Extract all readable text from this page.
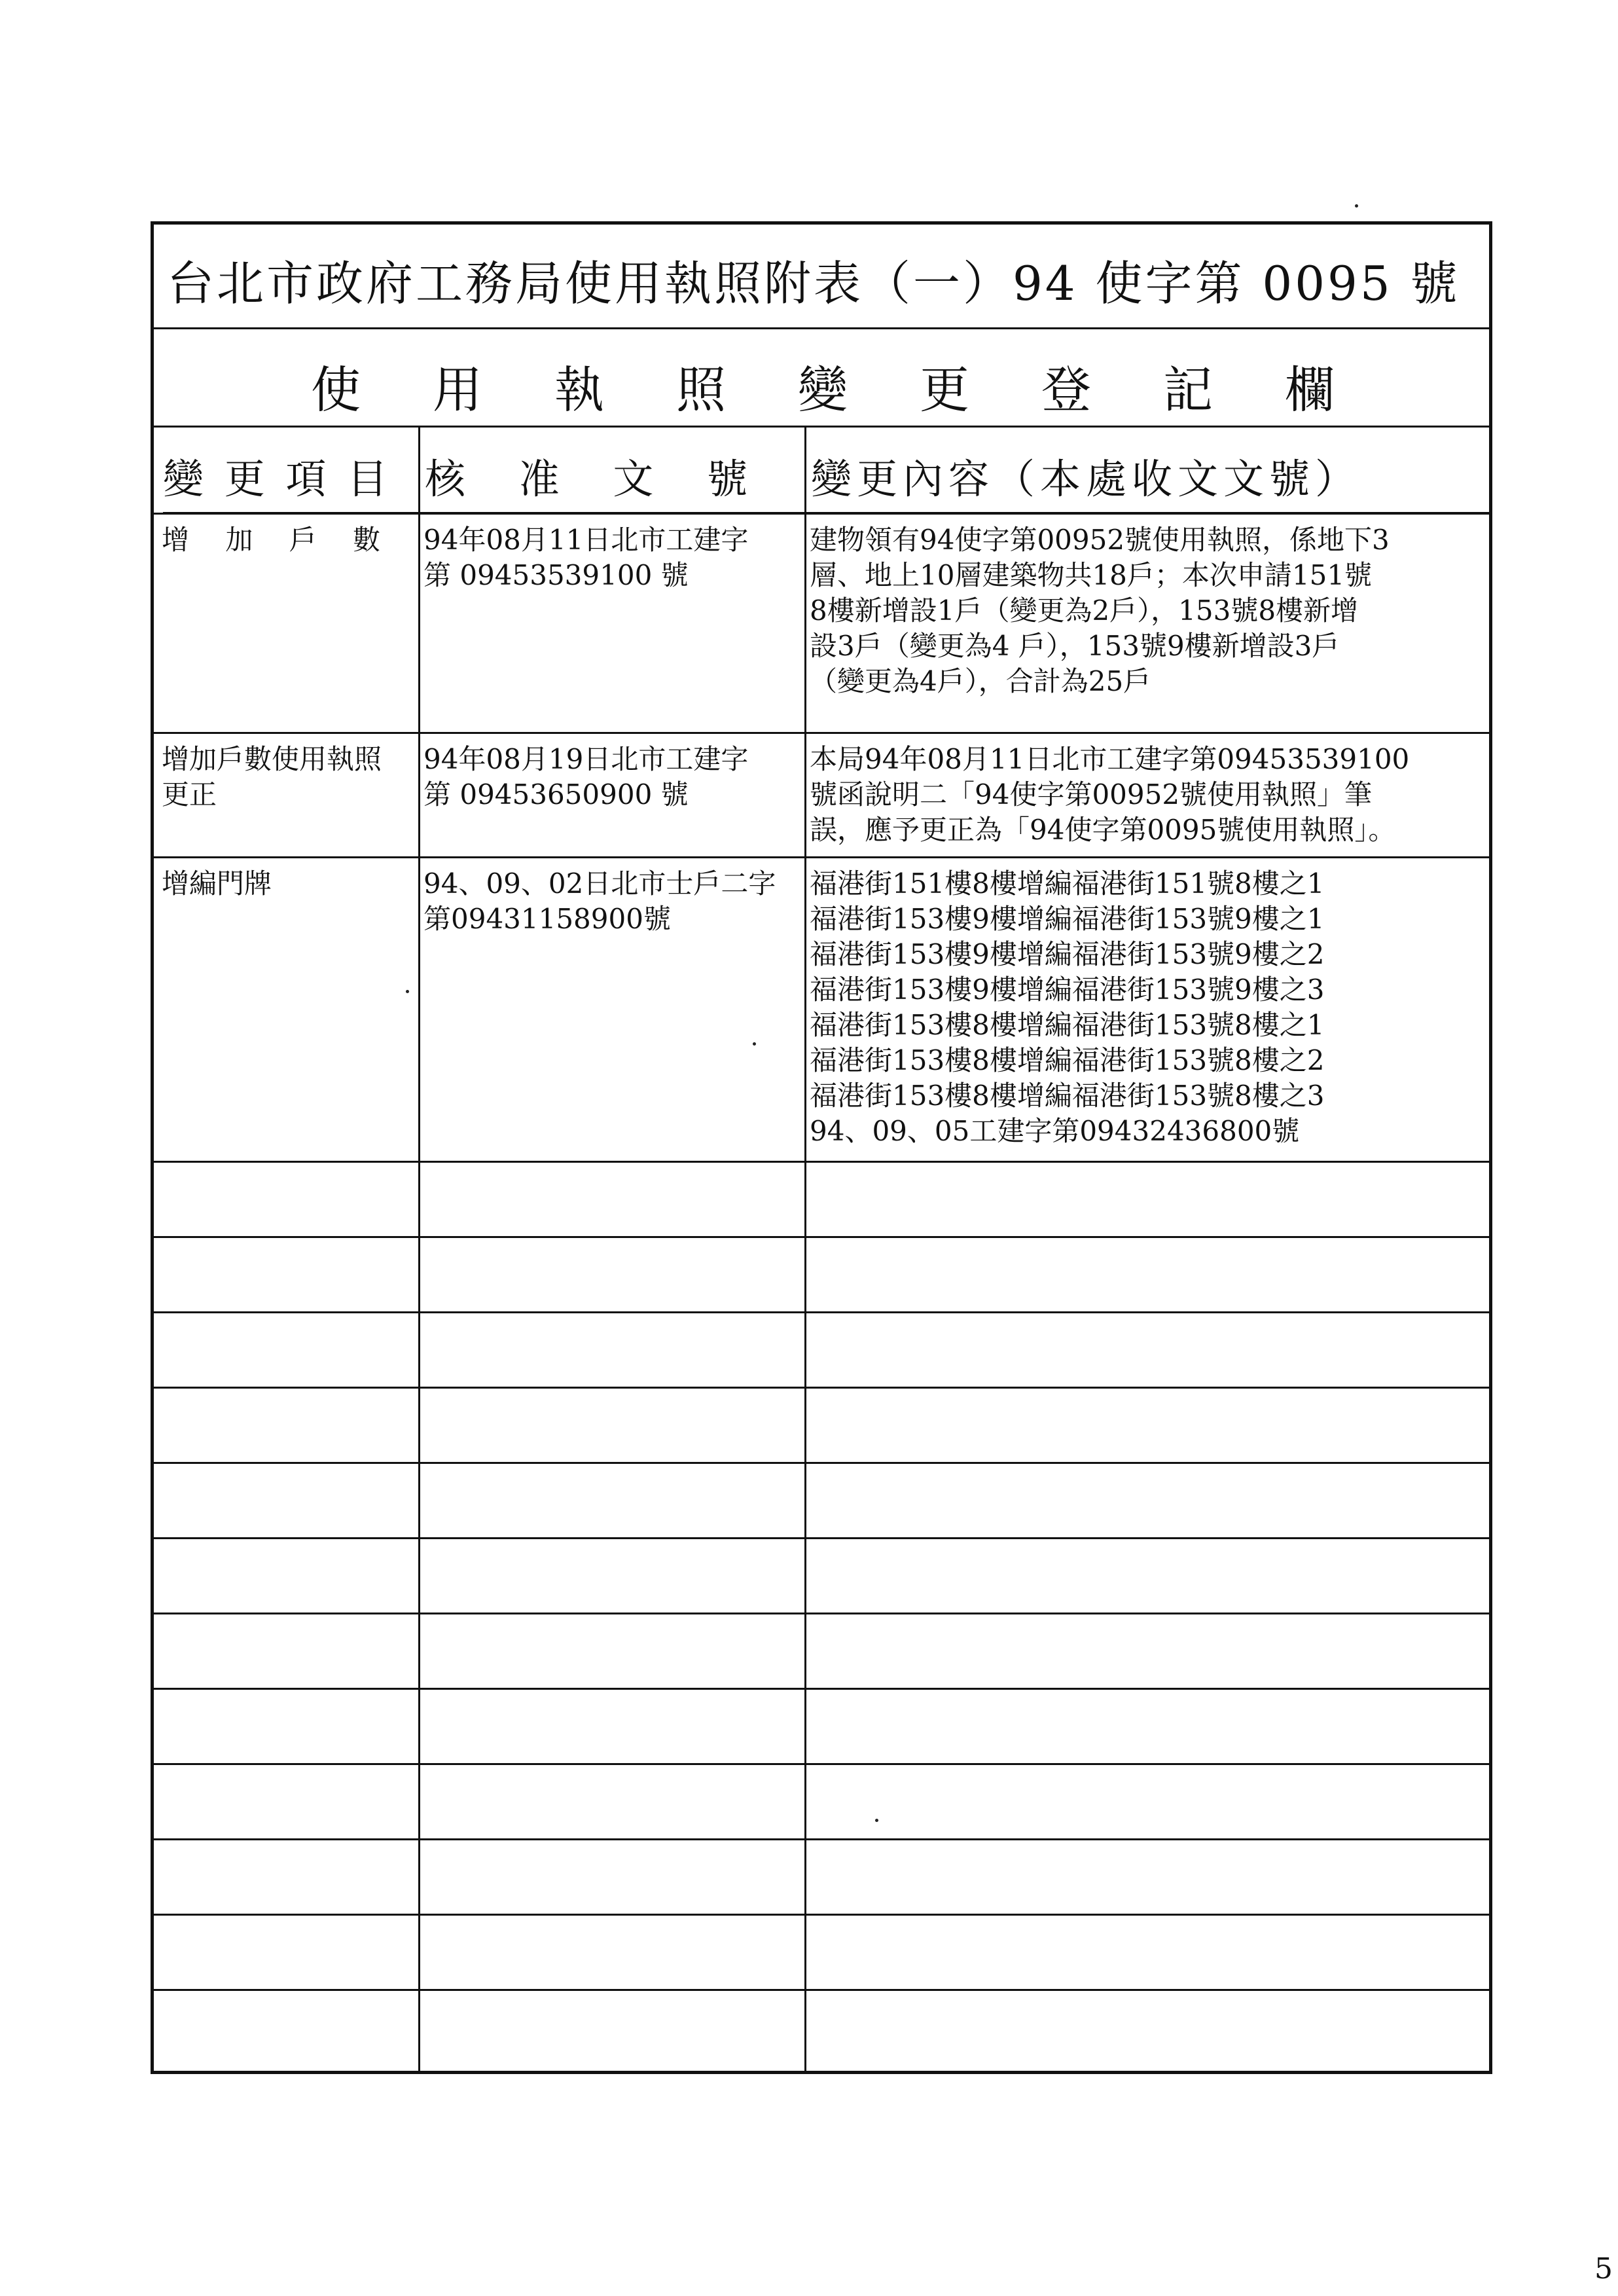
台北市政府工務局使用執照附表（一）94 使字第 0095 號
使用執照變更登記欄
變 更 項 目 核　 准　 文　 號	變更內容（本處收文文號）
增　 加　 戶　 數 94年08月11日北市工建字
第 0945353910​0 號
建物領有94使字第00952號使用執照，係地下3
層、地上10層建築物共18戶；本次申請151號
8樓新增設1戶（變更為2戶），153號8樓新增
設3戶（變更為4 戶），153號9樓新增設3戶
（變更為4戶），合計為25戶
增加戶數使用執照
更正
94年08月19日北市工建字
第 09453650900 號
本局94年08月11日北市工建字第09453539100
號函說明二「94使字第00952號使用執照」筆
誤，應予更正為「94使字第0095號使用執照」。
增編門牌	94、09、02日北市士戶二字
第09431158900號
福港街151樓8樓增編福港街151號8樓之1
福港街153樓9樓增編福港街153號9樓之1
福港街153樓9樓增編福港街153號9樓之2
福港街153樓9樓增編福港街153號9樓之3
福港街153樓8樓增編福港街153號8樓之1
福港街153樓8樓增編福港街153號8樓之2
福港街153樓8樓增編福港街153號8樓之3
94、09、05工建字第09432436800號
5
